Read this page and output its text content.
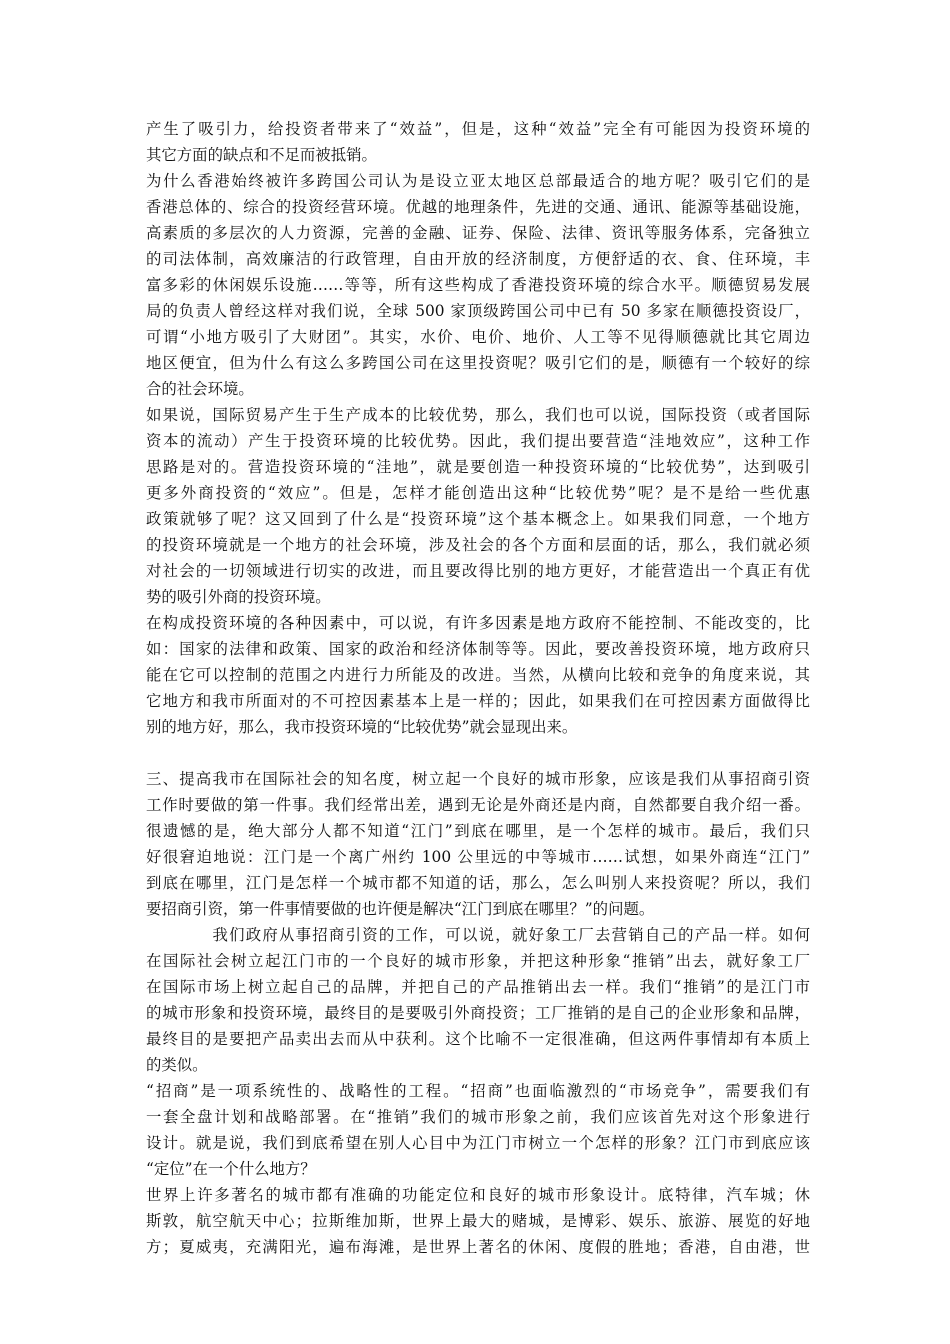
产生了吸引力，给投资者带来了“效益”，但是，这种“效益”完全有可能因为投资环境的
其它方面的缺点和不足而被抵销。
为什么香港始终被许多跨国公司认为是设立亚太地区总部最适合的地方呢？吸引它们的是
香港总体的、综合的投资经营环境。优越的地理条件，先进的交通、通讯、能源等基础设施，
高素质的多层次的人力资源，完善的金融、证券、保险、法律、资讯等服务体系，完备独立
的司法体制，高效廉洁的行政管理，自由开放的经济制度，方便舒适的衣、食、住环境，丰
富多彩的休闲娱乐设施……等等，所有这些构成了香港投资环境的综合水平。顺德贸易发展
局的负责人曾经这样对我们说，全球 500 家顶级跨国公司中已有 50 多家在顺德投资设厂，
可谓“小地方吸引了大财团”。其实，水价、电价、地价、人工等不见得顺德就比其它周边
地区便宜，但为什么有这么多跨国公司在这里投资呢？吸引它们的是，顺德有一个较好的综
合的社会环境。
如果说，国际贸易产生于生产成本的比较优势，那么，我们也可以说，国际投资（或者国际
资本的流动）产生于投资环境的比较优势。因此，我们提出要营造“洼地效应”，这种工作
思路是对的。营造投资环境的“洼地”，就是要创造一种投资环境的“比较优势”，达到吸引
更多外商投资的“效应”。但是，怎样才能创造出这种“比较优势”呢？是不是给一些优惠
政策就够了呢？这又回到了什么是“投资环境”这个基本概念上。如果我们同意，一个地方
的投资环境就是一个地方的社会环境，涉及社会的各个方面和层面的话，那么，我们就必须
对社会的一切领域进行切实的改进，而且要改得比别的地方更好，才能营造出一个真正有优
势的吸引外商的投资环境。
在构成投资环境的各种因素中，可以说，有许多因素是地方政府不能控制、不能改变的，比
如：国家的法律和政策、国家的政治和经济体制等等。因此，要改善投资环境，地方政府只
能在它可以控制的范围之内进行力所能及的改进。当然，从横向比较和竞争的角度来说，其
它地方和我市所面对的不可控因素基本上是一样的；因此，如果我们在可控因素方面做得比
别的地方好，那么，我市投资环境的“比较优势”就会显现出来。
三、提高我市在国际社会的知名度，树立起一个良好的城市形象，应该是我们从事招商引资
工作时要做的第一件事。我们经常出差，遇到无论是外商还是内商，自然都要自我介绍一番。
很遗憾的是，绝大部分人都不知道“江门”到底在哪里，是一个怎样的城市。最后，我们只
好很窘迫地说：江门是一个离广州约 100 公里远的中等城市……试想，如果外商连“江门”
到底在哪里，江门是怎样一个城市都不知道的话，那么，怎么叫别人来投资呢？所以，我们
要招商引资，第一件事情要做的也许便是解决“江门到底在哪里？”的问题。
　　　　我们政府从事招商引资的工作，可以说，就好象工厂去营销自己的产品一样。如何
在国际社会树立起江门市的一个良好的城市形象，并把这种形象“推销”出去，就好象工厂
在国际市场上树立起自己的品牌，并把自己的产品推销出去一样。我们“推销”的是江门市
的城市形象和投资环境，最终目的是要吸引外商投资；工厂推销的是自己的企业形象和品牌，
最终目的是要把产品卖出去而从中获利。这个比喻不一定很准确，但这两件事情却有本质上
的类似。
“招商”是一项系统性的、战略性的工程。“招商”也面临激烈的“市场竞争”，需要我们有
一套全盘计划和战略部署。在“推销”我们的城市形象之前，我们应该首先对这个形象进行
设计。就是说，我们到底希望在别人心目中为江门市树立一个怎样的形象？江门市到底应该
“定位”在一个什么地方？
世界上许多著名的城市都有准确的功能定位和良好的城市形象设计。底特律，汽车城；休
斯敦，航空航天中心；拉斯维加斯，世界上最大的赌城，是博彩、娱乐、旅游、展览的好地
方；夏威夷，充满阳光，遍布海滩，是世界上著名的休闲、度假的胜地；香港，自由港，世
